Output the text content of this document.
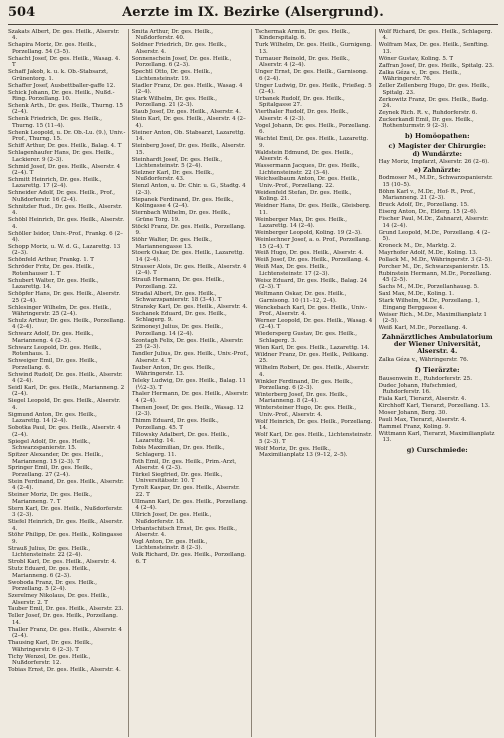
504	Aerzte im IX. Bezirke (Alsergrund).
Szakats Albert, Dr. ges. Heilk., Alserstr. 4.
Schapira Moriz, Dr. ges. Heilk., Porzellang. 54 (3–5).
Schacht Josef, Dr. ges. Heilk., Wasag. 4. T
Schaff Jakob, k. u. k. Ob.-Stabsarzt, Grünentorg. 1.
Schaffer Josef, Ausbettballer-gaffe 12.
Schick Johann, Dr. ges. Heilk., Nußd.-Ring. Porzellang. 10.
Schenk Arth., Dr. ges. Heilk., Thurng. 15 (2–4).
Schenk Friedrich, Dr. ges. Heilk., Thurng. 15 (11–4).
Schenk Leopold, u. Dr. Ob.-Lu. (9.), Univ.-Prof., Thurng. 15.
Schiff Arthur, Dr. ges. Heilk., Balag. 4. T
Schlagenhaufer Hans, Dr. ges. Heilk., Lackierer. 9 (2–3).
Schmid Josef, Dr. ges. Heilk., Alserstr. 4 (2–4). T
Schmitt Heinrich, Dr. ges. Heilk., Lazarettg. 17 (2–4).
Schneider Adolf, Dr. ges. Heilk., Prof., Nußdorferstr. 16 (2–4).
Schnitzler Rud., Dr. ges. Heilk., Alserstr. 4.
Schöbl Heinrich, Dr. ges. Heilk., Alserstr. 4.
Schöller Isidor, Univ.-Prof., Frankg. 6 (2–4).
Schopp Moriz, u. W. d. G., Lazarettg. 13 (2–3).
Schönfeld Arthur, Frankg. 1. T
Schröder Fritz, Dr. ges. Heilk., Rotenhauser 1. T
Schubert Walter, Dr. ges. Heilk., Lazarettg. 14.
Schöpfer Hans, Dr. ges. Heilk., Alserstr. 25 (2–4).
Schlesinger Wilhelm, Dr. ges. Heilk., Währingerstr. 25 (2–4).
Schulz Arthur, Dr. ges. Heilk., Porzellang. 4 (2–4).
Schwarz Adolf, Dr. ges. Heilk., Marianneng. 4 (2–3).
Schwarz Leopold, Dr. ges. Heilk., Rotenhaus. 1.
Schweiger Emil, Dr. ges. Heilk., Porzellang. 6.
Schwind Rudolf, Dr. ges. Heilk., Alserstr. 4 (2–4).
Seidl Karl, Dr. ges. Heilk., Marianneng. 2 (2–4).
Siegel Leopold, Dr. ges. Heilk., Alserstr. 4.
Sigmund Anton, Dr. ges. Heilk., Lazarettg. 14 (2–4).
Sobotka Paul, Dr. ges. Heilk., Alserstr. 4 (2–4).
Spiegel Adolf, Dr. ges. Heilk., Schwarzspanierstr. 15.
Spitzer Alexander, Dr. ges. Heilk., Marianneng. 15 (2–3). T
Springer Emil, Dr. ges. Heilk., Porzellang. 27 (2–4).
Stein Ferdinand, Dr. ges. Heilk., Alserstr. 4 (2–4).
Steiner Moriz, Dr. ges. Heilk., Marianneng. 7. T
Stern Karl, Dr. ges. Heilk., Nußdorferstr. 3 (2–3).
Stiefel Heinrich, Dr. ges. Heilk., Alserstr. 4.
Stöhr Philipp, Dr. ges. Heilk., Kolingasse 9.
Strauß Julius, Dr. ges. Heilk., Lichtensteinstr. 22 (2–4).
Strobl Karl, Dr. ges. Heilk., Alserstr. 4.
Stutz Eduard, Dr. ges. Heilk., Marianneng. 6 (2–3).
Swoboda Franz, Dr. ges. Heilk., Porzellang. 5 (2–4).
Szerelmey Nikolaus, Dr. ges. Heilk., Alserstr. 2. T
Tauber Emil, Dr. ges. Heilk., Alserstr. 23.
Teller Josef, Dr. ges. Heilk., Porzellang. 14.
Thaller Franz, Dr. ges. Heilk., Alserstr. 4 (2–4).
Thausing Karl, Dr. ges. Heilk., Währingerstr. 6 (2–3). T
Tichy Wenzel, Dr. ges. Heilk., Nußdorferstr. 12.
Tobias Ernst, Dr. ges. Heilk., Alserstr. 4.
Smita Arthur, Dr. ges. Heilk., Nußdorferstr. 40.
Soldner Friedrich, Dr. ges. Heilk., Alserstr. 4.
Sonnenschein Josef, Dr. ges. Heilk., Porzellang. 6 (2–3).
Spechtl Otto, Dr. ges. Heilk., Lichtensteinstr. 19.
Stadler Franz, Dr. ges. Heilk., Wasag. 4 (2–4).
Stark Wilhelm, Dr. ges. Heilk., Porzellang. 21 (2–3).
Staub Josef, Dr. ges. Heilk., Alserstr. 4.
Stein Karl, Dr. ges. Heilk., Alserstr. 4 (2–4).
Steiner Anton, Ob. Stabsarzt, Lazarettg. 14.
Steinberg Josef, Dr. ges. Heilk., Alserstr. 15.
Steinhardt Josef, Dr. ges. Heilk., Lichtensteinstr. 5 (2–4).
Stelzner Karl, Dr. ges. Heilk., Nußdorferstr. 43.
Stenzl Anton, u. Dr. Chir. u. G., Stadtg. 4 (2–3).
Stepanek Ferdinand, Dr. ges. Heilk., Kolingasse 4 (2–4).
Sternbach Wilhelm, Dr. ges. Heilk., Grüne Torg. 19.
Stöckl Franz, Dr. ges. Heilk., Porzellang. 9.
Stöhr Walter, Dr. ges. Heilk., Mariannengasse 13.
Stoerk Oskar, Dr. ges. Heilk., Lazarettg. 14 (2–4).
Strasser Alois, Dr. ges. Heilk., Alserstr. 4 (2–4). T
Strauß Hermann, Dr. ges. Heilk., Porzellang. 22.
Stradal Albert, Dr. ges. Heilk., Schwarzspanierstr. 18 (3–4). T
Stransky Karl, Dr. ges. Heilk., Alserstr. 4.
Suchanek Eduard, Dr. ges. Heilk., Schlagerg. 9.
Szimoneyi Julius, Dr. ges. Heilk., Porzellang. 14 (2–4).
Szontagh Felix, Dr. ges. Heilk., Alserstr. 25 (2–3).
Tandler Julius, Dr. ges. Heilk., Univ.-Prof., Alserstr. 4. T
Tauber Anton, Dr. ges. Heilk., Währingerstr. 13.
Teleky Ludwig, Dr. ges. Heilk., Balag. 11 (½2–3). T
Thaler Hermann, Dr. ges. Heilk., Alserstr. 4 (2–4).
Thenen Josef, Dr. ges. Heilk., Wasag. 12 (2–3).
Thimm Eduard, Dr. ges. Heilk., Porzellang. 45. T
Tillowsky Adalbert, Dr. ges. Heilk., Lazarettg. 14.
Tobis Maximilian, Dr. ges. Heilk., Schlagerg. 11.
Toth Emil, Dr. ges. Heilk., Prim.-Arzt, Alserstr. 4 (2–3).
Türkel Siegfried, Dr. ges. Heilk., Universitätsstr. 10. T
Tyrolt Kaspar, Dr. ges. Heilk., Alserstr. 22. T
Ullmann Karl, Dr. ges. Heilk., Porzellang. 4 (2–4).
Ullrich Josef, Dr. ges. Heilk., Nußdorferstr. 18.
Urbantschitsch Ernst, Dr. ges. Heilk., Alserstr. 4.
Vogl Anton, Dr. ges. Heilk., Lichtensteinstr. 8 (2–3).
Volk Richard, Dr. ges. Heilk., Porzellang. 6. T
Tschermak Armin, Dr. ges. Heilk., Kinderspitalg. 6.
Turk Wilhelm, Dr. ges. Heilk., Gurnigeng. 13.
Turnauer Reinold, Dr. ges. Heilk., Alserstr. 4 (2–4).
Unger Ernst, Dr. ges. Heilk., Garnisong. 6 (2–4).
Unger Ludwig, Dr. ges. Heilk., Frießeg. 5 (2–4).
Urbanek Rudolf, Dr. ges. Heilk., Spitalgasse 27.
Vierthaler Rudolf, Dr. ges. Heilk., Alserstr. 4 (2–3).
Vogel Johann, Dr. ges. Heilk., Porzellang. 6.
Wachtel Emil, Dr. ges. Heilk., Lazarettg. 9.
Waldstein Edmund, Dr. ges. Heilk., Alserstr. 4.
Wassermann Jacques, Dr. ges. Heilk., Lichtensteinstr. 22 (3–4).
Weichselbaum Anton, Dr. ges. Heilk., Univ.-Prof., Porzellang. 22.
Weidenfeld Stefan, Dr. ges. Heilk., Koling. 21.
Weidner Hans, Dr. ges. Heilk., Gleisberg. 11.
Weinberger Max, Dr. ges. Heilk., Lazarettg. 14 (2–4).
Weinberger Leopold, Koling. 19 (2–3).
Weinlechner Josef, a. o. Prof., Porzellang. 15 (2–4). T
Weiß Hugo, Dr. ges. Heilk., Alserstr. 4.
Weiß Josef, Dr. ges. Heilk., Porzellang. 4.
Weiß Max, Dr. ges. Heilk., Lichtensteinstr. 17 (2–3).
Weisz Eduard, Dr. ges. Heilk., Balag. 24 (2–3). T
Weltmann Oskar, Dr. ges. Heilk., Garnisong. 10 (11–12, 2–4).
Wenckebach Karl, Dr. ges. Heilk., Univ.-Prof., Alserstr. 4.
Werner Leopold, Dr. ges. Heilk., Wasag. 4 (2–4). T
Wiedersperg Gustav, Dr. ges. Heilk., Schlagerg. 3.
Wien Karl, Dr. ges. Heilk., Lazarettg. 14.
Wildner Franz, Dr. ges. Heilk., Pelikang. 25.
Wilhelm Robert, Dr. ges. Heilk., Alserstr. 4.
Winkler Ferdinand, Dr. ges. Heilk., Porzellang. 6 (2–3).
Winterberg Josef, Dr. ges. Heilk., Marianneng. 8 (2–4).
Wintersteiner Hugo, Dr. ges. Heilk., Univ.-Prof., Alserstr. 4.
Wolf Heinrich, Dr. ges. Heilk., Porzellang. 14.
Wolf Karl, Dr. ges. Heilk., Lichtensteinstr. 5 (2–3). T
Wolf Moriz, Dr. ges. Heilk., Maximilianplatz 13 (9–12, 2–5).
Wolf Richard, Dr. ges. Heilk., Schlagerg. 4.
Wolfram Max, Dr. ges. Heilk., Senfting. 13.
Wöner Gustav, Koling. 5. T
Zaffran Josef, Dr. ges. Heilk., Spitalg. 23.
Zalka Géza v., Dr. ges. Heilk., Währingerstr. 76.
Zeller Zellenberg Hugo, Dr. ges. Heilk., Spitalg. 23.
Zerkowitz Franz, Dr. ges. Heilk., Badg. 24.
Zeynek Rich. R. v., Ruhdorferstr. 6.
Zuckerkandl Emil, Dr. ges. Heilk., Rothenturmstr. 9 (2–3).
b) Homöopathen:
c) Magister der Chirurgie:
d) Wundärzte:
Hay Moriz, Impfarzt, Alserstr. 26 (2–6).
e) Zahnärzte:
Bodmoser M., M.Dr., Schwarzspanierstr. 15 (10–5).
Böhm Karl v., M.Dr., Hof- R., Prof., Marianneng. 21 (2–3).
Bruck Adolf, Dr., Porzellang. 15.
Eiserg Anton, Dr., Elderg. 15 (2–6).
Fischer Paul, M.Dr., Zahnarzt, Alserstr. 14 (2–4).
Grund Leopold, M.Dr., Porzellang. 4 (2–5).
Kroneck M., Dr., Marktg. 2.
Mayrhofer Adolf, M.Dr., Koling. 13.
Pollack M., M.Dr., Währingerstr. 3 (2–5).
Porcher M., Dr., Schwarzspanierstr. 15.
Rubinstein Hermann, M.Dr., Porzellang. 45 (2–5).
Sachs M., M.Dr., Porzellanhausg. 5.
Saxl Max, M.Dr., Koling. 1.
Stark Wilhelm, M.Dr., Porzellang. 1, Eingang Berggasse 4.
Weiser Rich., M.Dr., Maximilianplatz 1 (2–5).
Weiß Karl, M.Dr., Porzellang. 4.
Zahnärztliches Ambulatorium der Wiener Universität, Alserstr. 4.
Zalka Géza v., Währingerstr. 76.
f) Tierärzte:
Bausenwein E., Ruhdorferstr. 25.
Dudec Johann, Hufschmied, Ruhdorferstr. 16.
Fiala Karl, Tierarzt, Alserstr. 4.
Kirchhoff Karl, Tierarzt, Porzellang. 13.
Moser Johann, Berg. 30.
Pauli Max, Tierarzt, Alserstr. 4.
Rammel Franz, Koling. 9.
Wittmann Karl, Tierarzt, Maximilianplatz 13.
g) Curschmiede:
